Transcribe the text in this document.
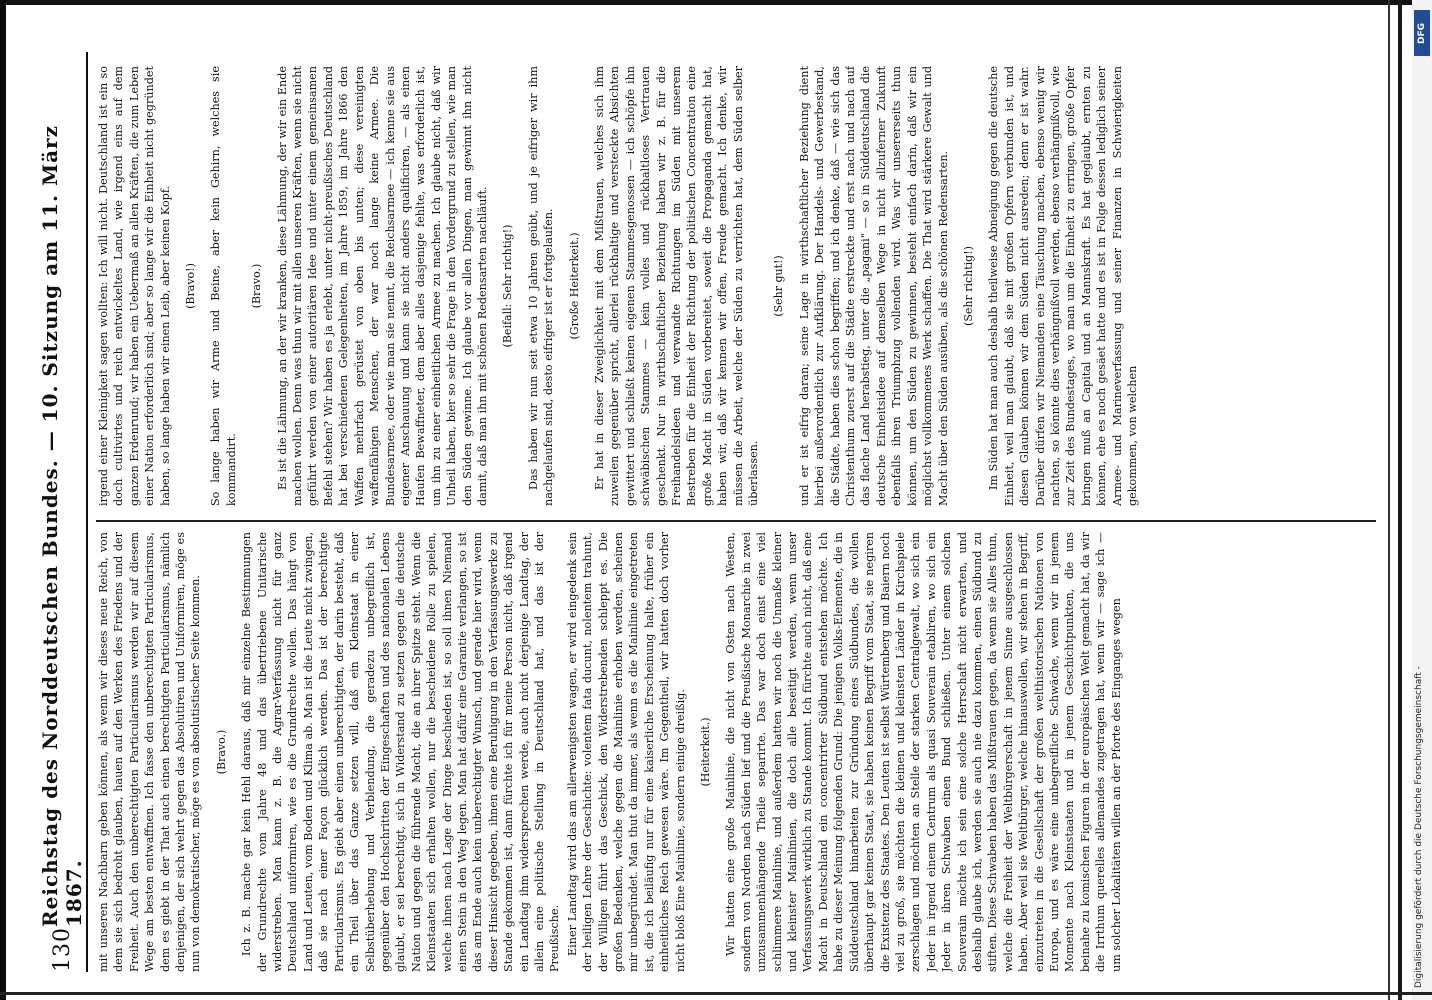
130
Reichstag des Norddeutschen Bundes. — 10. Sitzung am 11. März 1867. mit unseren Nachbarn geben können, als wenn wir dieses neue Reich, von dem sie sich bedroht glauben, hauen auf den Werken des Friedens und der Freiheit. Auch den unberechtigten Particularismus werden wir auf diesem Wege am besten entwaffnen. Ich fasse den unberechtigten Particularismus, dem es giebt in der That auch einen berechtigten Particularismus, nämlich denjenigen, der sich wehrt gegen das Absolutiren und Uniformiren, möge es nun von demokratischer, möge es von absolutistischer Seite kommen. (Bravo.) Ich z. B. mache gar kein Hehl daraus, daß mir einzelne Bestimmungen der Grundrechte vom Jahre 48 und das übertriebene Unitarische widerstreben. Man kann z. B. die Agrar-Verfassung nicht für ganz Deutschland uniformiren, wie es die Grundrechte wollen. Das hängt von Land und Leuten, vom Boden und Klima ab. Man ist die Leute nicht zwingen, daß sie nach einer Façon glücklich werden. Das ist der berechtigte Particularismus. Es giebt aber einen unberechtigten, der darin besteht, daß ein Theil über das Ganze setzen will, daß ein Kleinstaat in einer Selbstüberhebung und Verblendung, die geradezu unbegreiflich ist, gegenüber den Hochschritten der Eingeschaften und des nationalen Lebens glaubt, er sei berechtigt, sich in Widerstand zu setzen gegen die deutsche Nation und gegen die führende Macht, die an ihrer Spitze steht. Wenn die Kleinstaaten sich erhalten wollen, nur die bescheidene Rolle zu spielen, welche ihnen nach Lage der Dinge beschieden ist, so soll ihnen Niemand einen Stein in den Weg legen. Man hat dafür eine Garantie verlangen, so ist das am Ende auch kein unberechtigter Wunsch, und gerade hier wird, wenn dieser Hinsicht gegeben, ihnen eine Beruhigung in den Verfassungswerke zu Stande gekommen ist, dann fürchte ich für meine Person nicht, daß irgend ein Landtag ihm widersprechen werde, auch nicht derjenige Landtag, der allein eine politische Stellung in Deutschland hat, und das ist der Preußische. Einer Landtag wird das am allerwenigsten wagen, er wird eingedenk sein der heiligen Lehre der Geschichte: volentem fata ducunt, nolentem trahunt, der Willigen führt das Geschick, den Widerstrebenden schleppt es. Die großen Bedenken, welche gegen die Mainlinie erhoben werden, scheinen mir unbegründet. Man thut da immer, als wenn es die Mainlinie eingetreten ist, die ich beiläufig nur für eine kaiserliche Erscheinung halte, früher ein einheitliches Reich gewesen wäre. Im Gegentheil, wir hatten doch vorher nicht bloß Eine Mainlinie, sondern einige dreißig. (Heiterkeit.) Wir hatten eine große Mainlinie, die nicht von Osten nach Westen, sondern von Norden nach Süden lief und die Preußische Monarchie in zwei unzusammenhängende Theile separirte. Das war doch einst eine viel schlimmere Mainlinie, und außerdem hatten wir noch die Unmaße kleiner und kleinster Mainlinien, die doch alle beseitigt werden, wenn unser Verfassungswerk wirklich zu Stande kommt. Ich fürchte auch nicht, daß eine Macht in Deutschland ein concentrirter Südbund entstehen möchte. Ich habe zu dieser Meinung folgenden Grund: Die jenigen Volks-Elemente, die in Süddeutschland hinarbeiten zur Gründung eines Südbundes, die wollen überhaupt gar keinen Staat, sie haben keinen Begriff vom Staat, sie negiren die Existenz des Staates. Den Leuten ist selbst Würtemberg und Baiern noch viel zu groß, sie möchten die kleinen und kleinsten Länder in Kirchspiele zerschlagen und möchten an Stelle der starken Centralgewalt, wo sich ein Jeder in irgend einem Centrum als quasi Souverain etabliren, wo sich ein Jeder in ihren Schwaben einen Bund schließen. Unter einem solchen Souverain möchte ich sein eine solche Herrschaft nicht erwarten, und deshalb glaube ich, werden sie auch nie dazu kommen, einen Südbund zu stiften. Diese Schwaben haben das Mißtrauen gegen, da wenn sie Alles thun, welche die Freiheit der Weltbürgerschaft in jenem Sinne ausgeschlossen haben. Aber weil sie Weltbürger, welche hinauswollen, wir stehen in Begriff, einzutreten in die Gesellschaft der großen welthistorischen Nationen von Europa, und es wäre eine unbegreifliche Schwäche, wenn wir in jenem Momente nach Kleinstaaten und in jenem Geschichtpunkten, die uns beinahe zu komischen Figuren in der europäischen Welt gemacht hat, da wir die Irrthum querelles allemandes zugetragen hat, wenn wir — sage ich — um solcher Lokalitäten willen an der Pforte des Einganges wegen

irgend einer Kleinigkeit sagen wollten: Ich will nicht. Deutschland ist ein so doch cultivirtes und reich entwickeltes Land, wie irgend eins auf dem ganzen Erdenrund; wir haben ein Uebermaß an allen Kräften, die zum Leben einer Nation erforderlich sind; aber so lange wir die Einheit nicht gegründet haben, so lange haben wir einen Leib, aber keinen Kopf. (Bravo!) So lange haben wir Arme und Beine, aber kein Gehirn, welches sie kommandirt.

(Bravo.) Es ist die Lähmung, an der wir kranken, diese Lähmung, der wir ein Ende machen wollen. Denn was thun wir mit allen unseren Kräften, wenn sie nicht geführt werden von einer autoritären Idee und unter einem gemeinsamen Befehl stehen? Wir haben es ja erlebt, unter nicht-preußisches Deutschland hat bei verschiedenen Gelegenheiten, im Jahre 1859, im Jahre 1866 den Waffen mehrfach gerüstet von oben bis unten; diese vereinigten waffenfähigen Menschen, der war noch lange keine Armee. Die Bundesarmee, oder wie man sie nennt, die Reichsarmee — ich kenne sie aus eigener Anschauung und kann sie nicht anders qualificiren, — als einen Haufen Bewaffneter, dem aber alles dasjenige fehlte, was erforderlich ist, um ihn zu einer einheitlichen Armee zu machen. Ich glaube nicht, daß wir Unheil haben, bier so sehr die Frage in den Vordergrund zu stellen, wie man den Süden gewinne. Ich glaube vor allen Dingen, man gewinnt ihn nicht damit, daß man ihn mit schönen Redensarten nachläuft. (Beifall: Sehr richtig!) Das haben wir nun seit etwa 10 Jahren geübt, und je eifriger wir ihm nachgelaufen sind, desto eifriger ist er fortgelaufen. (Große Heiterkeit.) Er hat in dieser Zweiglichkeit mit dem Mißtrauen, welches sich ihm zuweilen gegenüber spricht, allerlei rückhaltige und versteckte Absichten gewittert und schließt keinen eigenen Stammesgenossen — ich schöpfe ihn schwäbischen Stammes — kein volles und rückhaltloses Vertrauen geschenkt. Nur in wirthschaftlicher Beziehung haben wir z. B. für die Freihandelsideen und verwandte Richtungen im Süden mit unserem Bestreben für die Einheit der Richtung der politischen Concentration eine große Macht in Süden vorbereitet, soweit die Propaganda gemacht hat, haben wir, daß wir kennen wir offen, Freude gemacht. Ich denke, wir müssen die Arbeit, welche der Süden zu verrichten hat, dem Süden selber überlassen.

(Sehr gut!) und er ist eifrig daran; seine Lage in wirthschaftlicher Beziehung dient hierbei außerordentlich zur Aufklärung. Der Handels- und Gewerbestand, die Städte, haben dies schon begriffen; und ich denke, daß — wie sich das Christenthum zuerst auf die Städte erstreckte und erst nach und nach auf das flache Land herabstieg, unter die „pagani" — so in Süddeutschland die deutsche Einheitsidee auf demselben Wege in nicht allzuferner Zukunft ebenfalls ihren Triumphzug vollenden wird. Was wir unsererseits thun können, um den Süden zu gewinnen, besteht einfach darin, daß wir ein möglichst vollkommenes Werk schaffen. Die That wird stärkere Gewalt und Macht über den Süden ausüben, als die schönen Redensarten. (Sehr richtig!) Im Süden hat man auch deshalb theilweise Abneigung gegen die deutsche Einheit, weil man glaubt, daß sie mit großen Opfern verbunden ist, und diesen Glauben können wir dem Süden nicht ausreden; denn er ist wahr. Darüber dürfen wir Niemanden eine Täuschung machen, ebenso wenig wir nachten, so könnte dies verhängnißvoll werden, ebenso verhängnißvoll, wie zur Zeit des Bundestages, wo man um die Einheit zu erringen, große Opfer bringen muß an Capital und an Mannskraft. Es hat geglaubt, ernten zu können, ehe es noch gesäet hatte und es ist in Folge dessen lediglich seiner Armee- und Marineverfassung und seiner Finanzen in Schwierigkeiten gekommen, von welchen

DFG
Digitalisierung gefördert durch die Deutsche Forschungsgemeinschaft -
